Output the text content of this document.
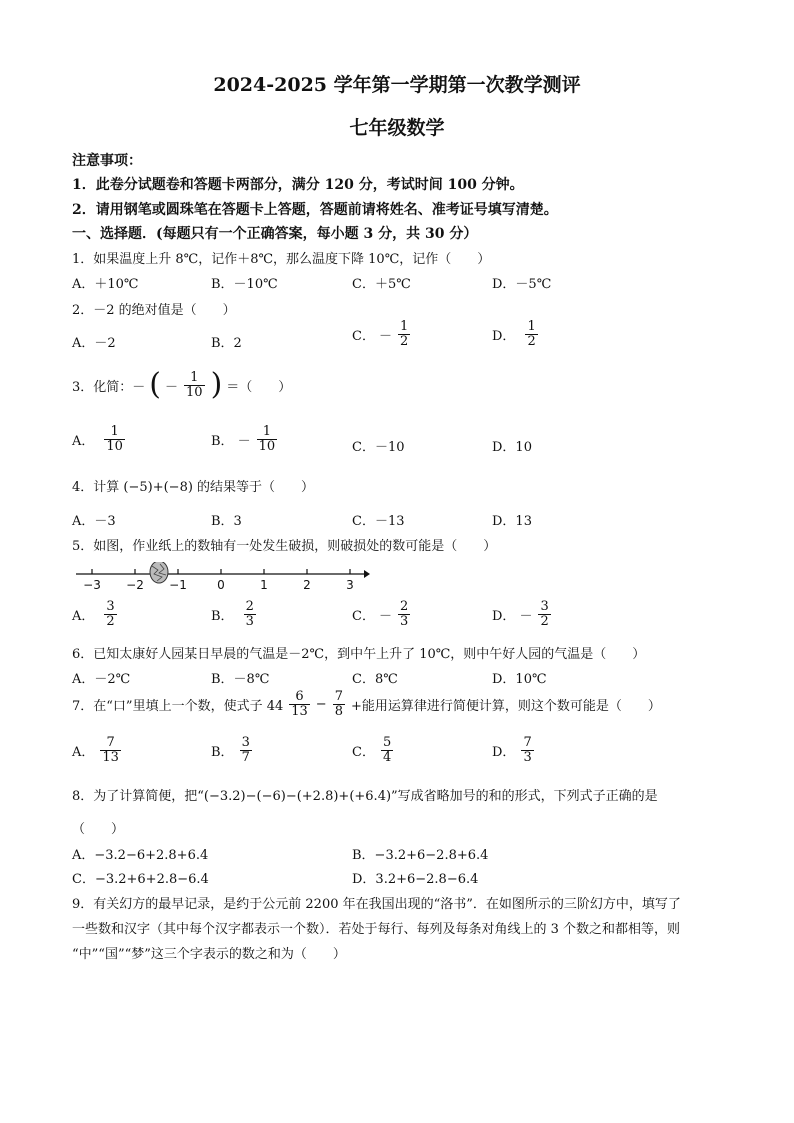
2024-2025 学年第一学期第一次教学测评
七年级数学
注意事项：
1．此卷分试题卷和答题卡两部分，满分 120 分，考试时间 100 分钟。
2．请用钢笔或圆珠笔在答题卡上答题，答题前请将姓名、准考证号填写清楚。
一、选择题．(每题只有一个正确答案，每小题 3 分，共 30 分）
1．如果温度上升 8℃，记作＋8℃，那么温度下降 10℃，记作（　　）
A．＋10℃	B．－10℃	C．＋5℃	D．－5℃
2．－2 的绝对值是（　　）
A．－2	B．2	C． － $\frac{1}{2}$	D． $\frac{1}{2}$
3．化简：－ ( － $\frac{1}{10}$ ) ＝（　　）
A． $\frac{1}{10}$	B． － $\frac{1}{10}$	C．－10	D．10
4．计算 (−5)+(−8) 的结果等于（　　）
A．－3	B．3	C．－13	D．13
5．如图，作业纸上的数轴有一处发生破损，则破损处的数可能是（　　）
−3 −2 −1	0	1	2	3
A． $\frac{3}{2}$	B． $\frac{2}{3}$	C． － $\frac{2}{3}$	D． － $\frac{3}{2}$
6．已知太康好人园某日早晨的气温是－2℃，到中午上升了 10℃，则中午好人园的气温是（　　）
A．－2℃	B．－8℃	C．8℃	D．10℃
7．在“口”里填上一个数，使式子 $44 \frac{6}{13} - \frac{7}{8}$ +能用运算律进行简便计算，则这个数可能是（　　）
A． $\frac{7}{13}$	B． $\frac{3}{7}$	C． $\frac{5}{4}$	D． $\frac{7}{3}$
8．为了计算简便，把“(−3.2)−(−6)−(+2.8)+(+6.4)”写成省略加号的和的形式，下列式子正确的是
（　　）
A．−3.2−6+2.8+6.4	B．−3.2+6−2.8+6.4
C．−3.2+6+2.8−6.4	D．3.2+6−2.8−6.4
9．有关幻方的最早记录，是约于公元前 2200 年在我国出现的“洛书”．在如图所示的三阶幻方中，填写了
一些数和汉字（其中每个汉字都表示一个数）．若处于每行、每列及每条对角线上的 3 个数之和都相等，则
“中”“国”“梦”这三个字表示的数之和为（　　）
